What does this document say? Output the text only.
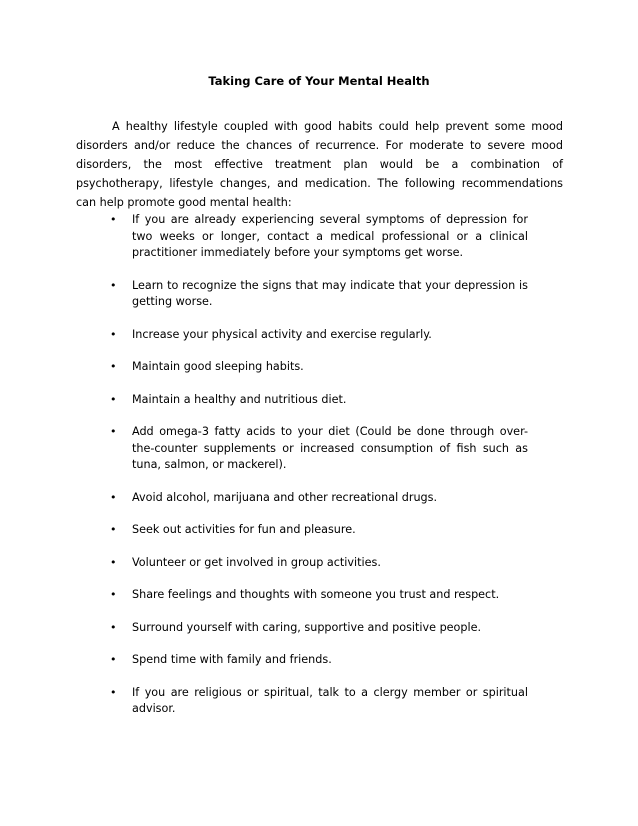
Taking Care of Your Mental Health

A healthy lifestyle coupled with good habits could help prevent some mood disorders and/or reduce the chances of recurrence. For moderate to severe mood disorders, the most effective treatment plan would be a combination of psychotherapy, lifestyle changes, and medication. The following recommendations can help promote good mental health:

• If you are already experiencing several symptoms of depression for two weeks or longer, contact a medical professional or a clinical practitioner immediately before your symptoms get worse.
• Learn to recognize the signs that may indicate that your depression is getting worse.
• Increase your physical activity and exercise regularly.
• Maintain good sleeping habits.
• Maintain a healthy and nutritious diet.
• Add omega-3 fatty acids to your diet (Could be done through over-the-counter supplements or increased consumption of fish such as tuna, salmon, or mackerel).
• Avoid alcohol, marijuana and other recreational drugs.
• Seek out activities for fun and pleasure.
• Volunteer or get involved in group activities.
• Share feelings and thoughts with someone you trust and respect.
• Surround yourself with caring, supportive and positive people.
• Spend time with family and friends.
• If you are religious or spiritual, talk to a clergy member or spiritual advisor.
